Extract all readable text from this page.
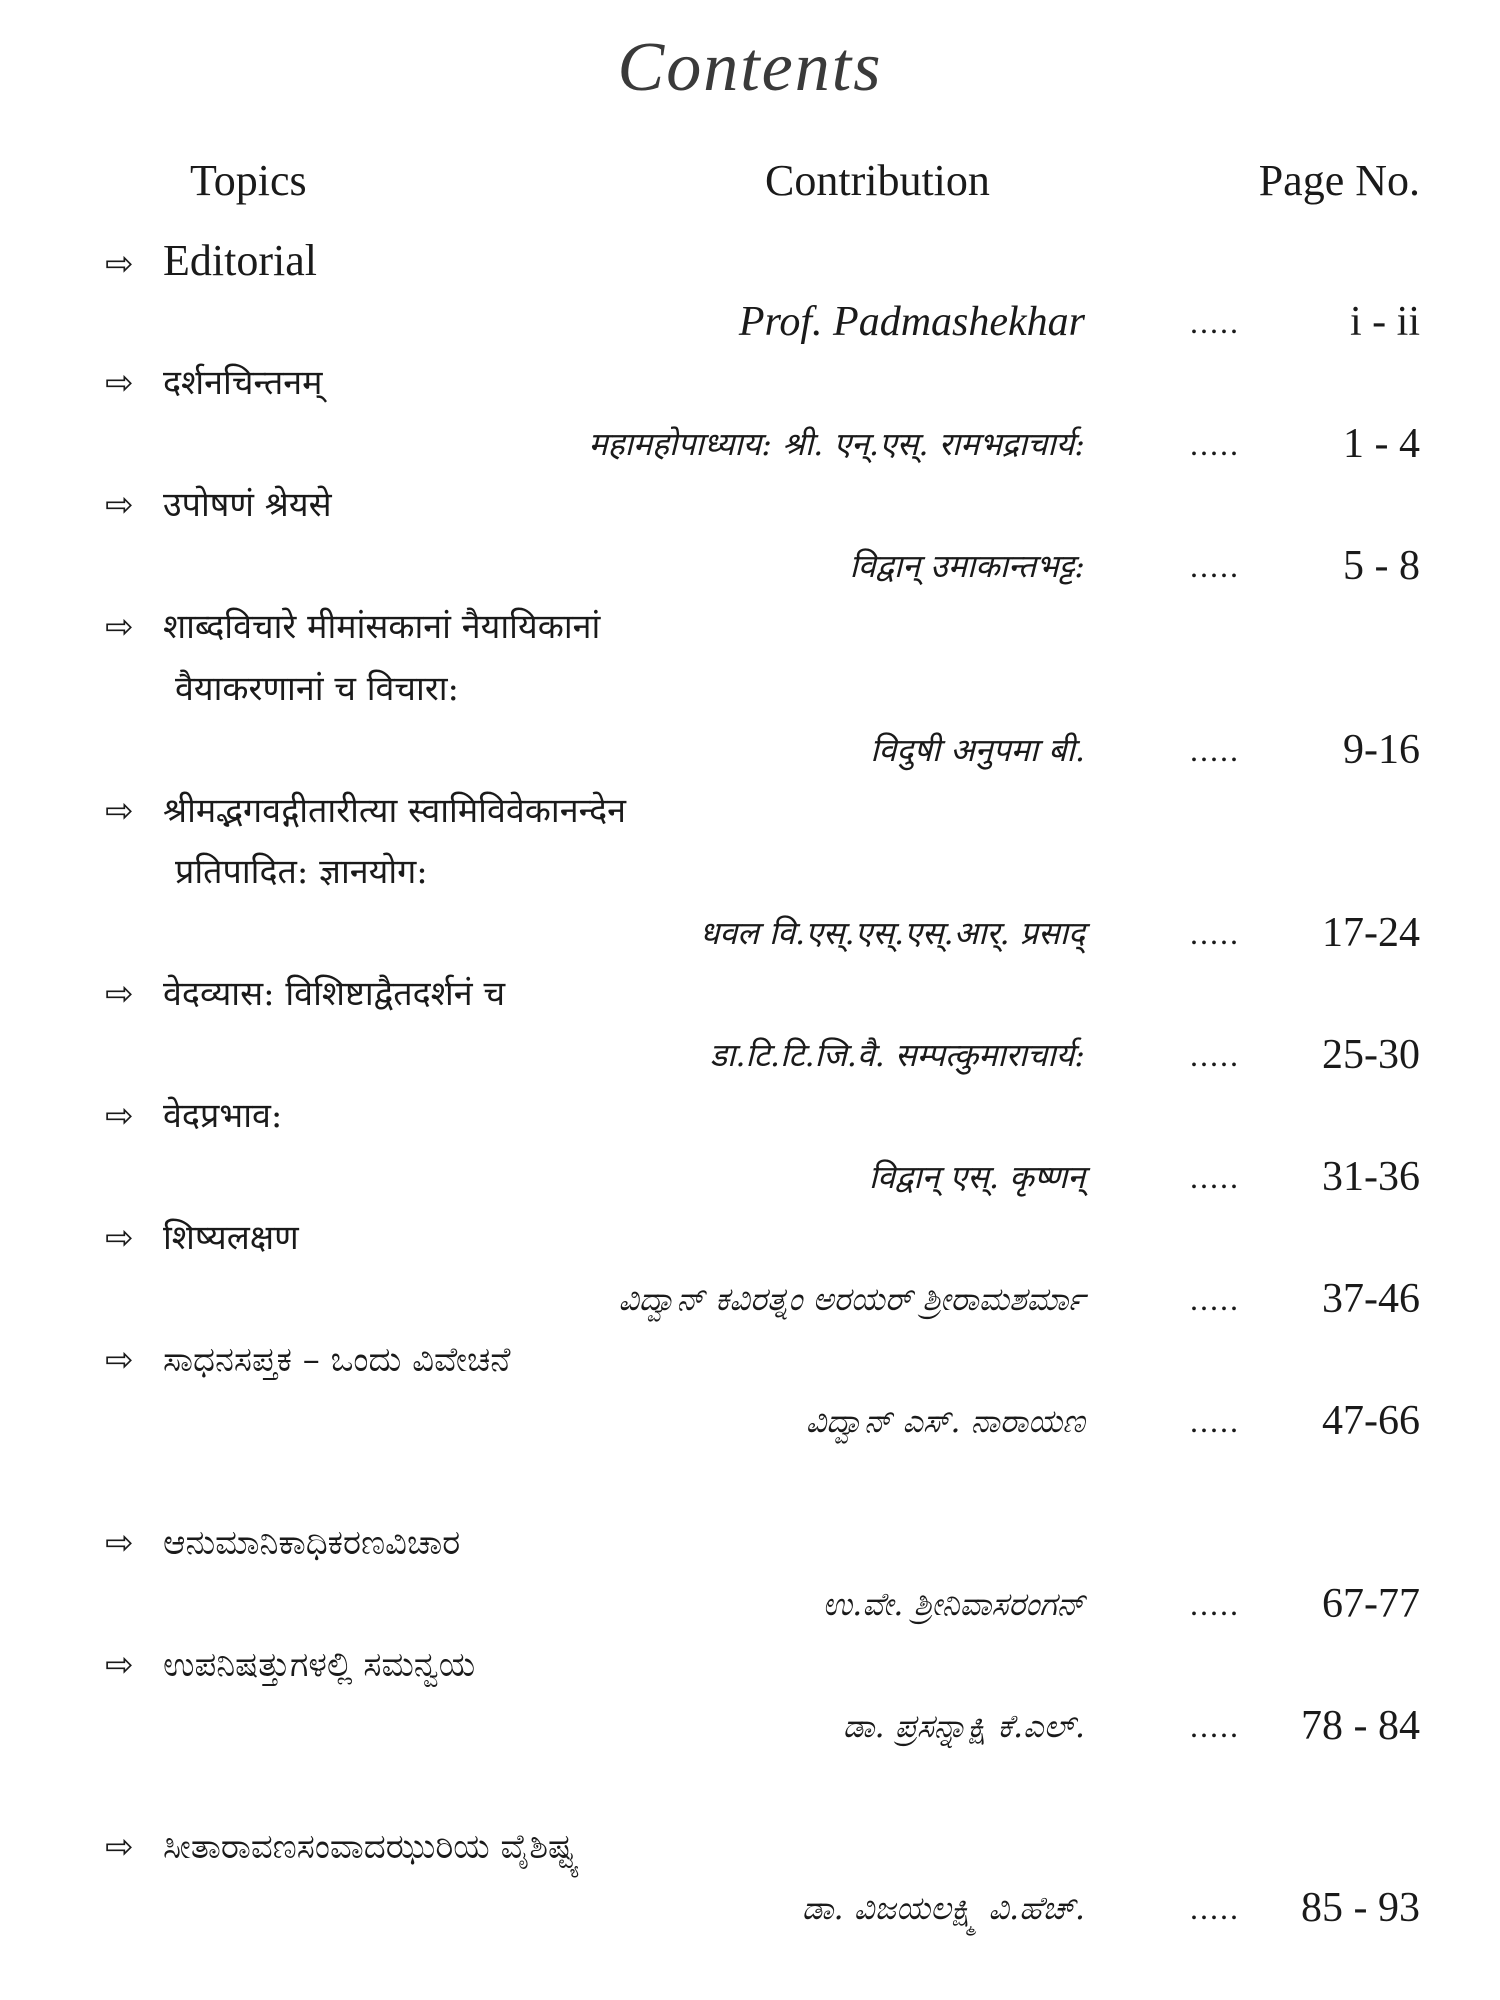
Contents
Topics	Contribution	Page No.
⇨ Editorial
Prof. Padmashekhar	.....	i - ii
⇨ दर्शनचिन्तनम्
महामहोपाध्याय: श्री. एन्.एस्. रामभद्राचार्य:	..... 1 - 4
⇨ उपोषणं श्रेयसे
विद्वान् उमाकान्तभट्ट:	..... 5 - 8
⇨ शाब्दविचारे मीमांसकानां नैयायिकानां
वैयाकरणानां च विचारा:
विदुषी अनुपमा बी.	..... 9-16
⇨ श्रीमद्भगवद्गीतारीत्या स्वामिविवेकानन्देन
प्रतिपादित: ज्ञानयोग:
धवल वि.एस्.एस्.एस्.आर्. प्रसाद्	..... 17-24
⇨ वेदव्यास: विशिष्टाद्वैतदर्शनं च
डा.टि.टि.जि.वै. सम्पत्कुमाराचार्य:	..... 25-30
⇨ वेदप्रभाव:
विद्वान् एस्. कृष्णन्	..... 31-36
⇨ शिष्यलक्षण
ವಿದ್ವಾನ್ ಕವಿರತ್ನಂ ಅರಯರ್ ಶ್ರೀರಾಮಶರ್ಮಾ	..... 37-46
⇨ ಸಾಧನಸಪ್ತಕ – ಒಂದು ವಿವೇಚನೆ
ವಿದ್ವಾನ್ ಎಸ್. ನಾರಾಯಣ	..... 47-66
⇨ ಆನುಮಾನಿಕಾಧಿಕರಣವಿಚಾರ
ಉ.ವೇ. ಶ್ರೀನಿವಾಸರಂಗನ್	..... 67-77
⇨ ಉಪನಿಷತ್ತುಗಳಲ್ಲಿ ಸಮನ್ವಯ
ಡಾ. ಪ್ರಸನ್ನಾಕ್ಷಿ ಕೆ.ಎಲ್.	..... 78 - 84
⇨ ಸೀತಾರಾವಣಸಂವಾದಝುರಿಯ ವೈಶಿಷ್ಟ್ಯ
ಡಾ. ವಿಜಯಲಕ್ಷ್ಮಿ ವಿ.ಹೆಚ್.	..... 85 - 93
